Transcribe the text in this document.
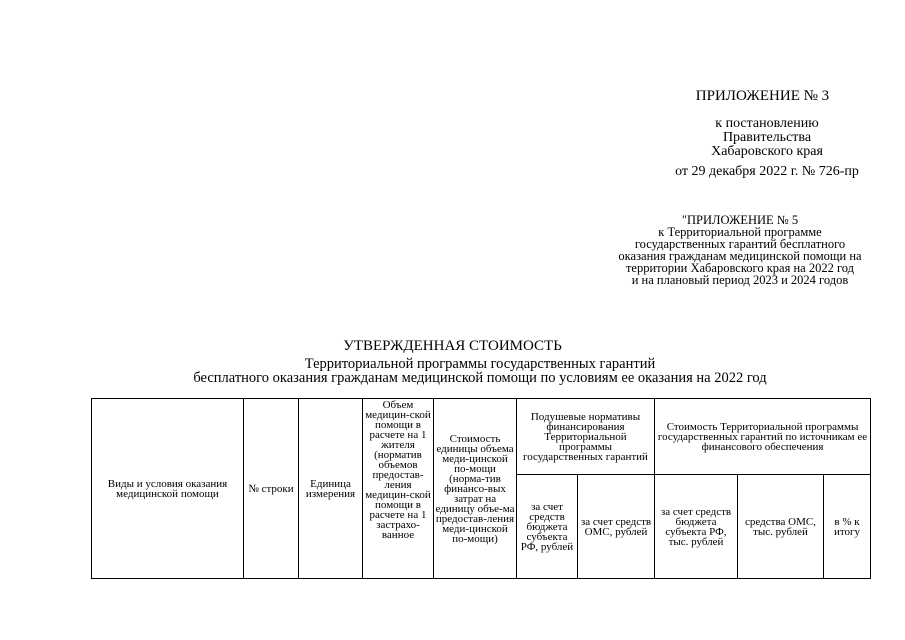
ПРИЛОЖЕНИЕ № 3
к постановлению
Правительства
Хабаровского края
от 29 декабря 2022 г. № 726-пр
"ПРИЛОЖЕНИЕ № 5
к Территориальной программе
государственных гарантий бесплатного
оказания гражданам медицинской помощи на
территории Хабаровского края на 2022 год
и на плановый период 2023 и 2024 годов
УТВЕРЖДЕННАЯ СТОИМОСТЬ
Территориальной программы государственных гарантий
бесплатного оказания гражданам медицинской помощи по условиям ее оказания на 2022 год
Виды и условия оказания медицинской помощи	№ строки	Единица измерения	Объем медицин-ской помощи в расчете на 1 жителя (норматив объемов предостав-ления медицин-ской помощи в расчете на 1 застрахо-ванное	Стоимость единицы объема меди-цинской по-мощи (норма-тив финансо-вых затрат на единицу объе-ма предостав-ления меди-цинской по-мощи)	Подушевые нормативы финансирования Территориальной программы государственных гарантий		Стоимость Территориальной программы государственных гарантий по источникам ее финансового обеспечения		
					за счет средств бюджета субъекта РФ, рублей	за счет средств ОМС, рублей	за счет средств бюджета субъекта РФ, тыс. рублей	средства ОМС, тыс. рублей	в % к итогу
